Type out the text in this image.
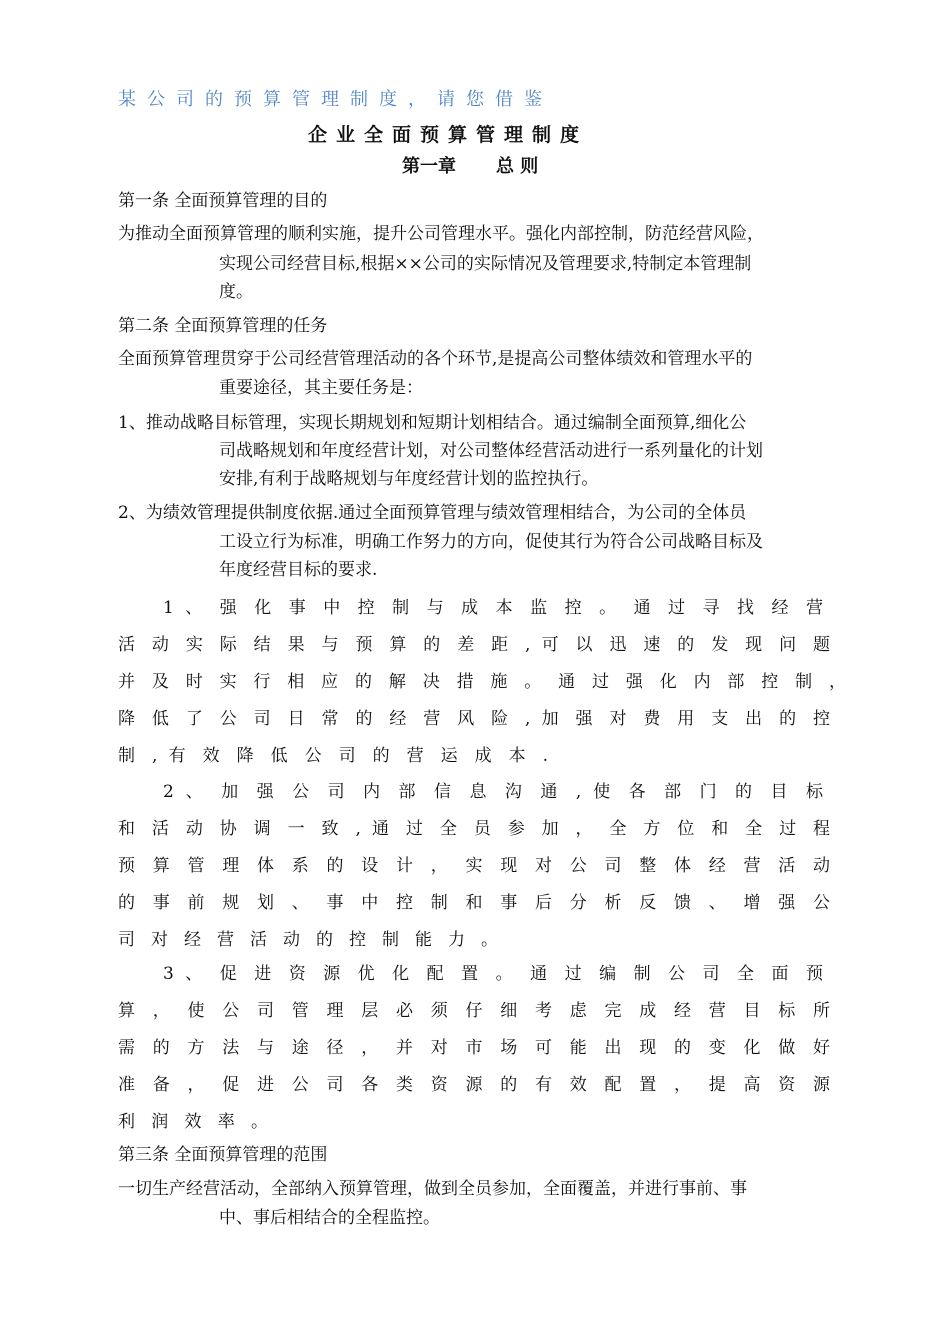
某公司的预算管理制度，请您借鉴
企业全面预算管理制度
第一章 总 则
第一条 全面预算管理的目的
为推动全面预算管理的顺利实施，提升公司管理水平。强化内部控制，防范经营风险，
实现公司经营目标,根据××公司的实际情况及管理要求,特制定本管理制
度。
第二条 全面预算管理的任务
全面预算管理贯穿于公司经营管理活动的各个环节,是提高公司整体绩效和管理水平的
重要途径，其主要任务是：
1、推动战略目标管理，实现长期规划和短期计划相结合。通过编制全面预算,细化公
司战略规划和年度经营计划，对公司整体经营活动进行一系列量化的计划
安排,有利于战略规划与年度经营计划的监控执行。
2、为绩效管理提供制度依据.通过全面预算管理与绩效管理相结合，为公司的全体员
工设立行为标准，明确工作努力的方向，促使其行为符合公司战略目标及
年度经营目标的要求.
1 、 强 化 事 中 控 制 与 成 本 监 控 。 通 过 寻 找 经 营
活 动 实 际 结 果 与 预 算 的 差 距 , 可 以 迅 速 的 发 现 问 题
并 及 时 实 行 相 应 的 解 决 措 施 。 通 过 强 化 内 部 控 制 ，
降 低 了 公 司 日 常 的 经 营 风 险 , 加 强 对 费 用 支 出 的 控
制 , 有 效 降 低 公 司 的 营 运 成 本 .
2 、 加 强 公 司 内 部 信 息 沟 通 , 使 各 部 门 的 目 标
和 活 动 协 调 一 致 , 通 过 全 员 参 加 ， 全 方 位 和 全 过 程
预 算 管 理 体 系 的 设 计 ， 实 现 对 公 司 整 体 经 营 活 动
的 事 前 规 划 、 事 中 控 制 和 事 后 分 析 反 馈 、 增 强 公
司 对 经 营 活 动 的 控 制 能 力 。
3 、 促 进 资 源 优 化 配 置 。 通 过 编 制 公 司 全 面 预
算 ， 使 公 司 管 理 层 必 须 仔 细 考 虑 完 成 经 营 目 标 所
需 的 方 法 与 途 径 ， 并 对 市 场 可 能 出 现 的 变 化 做 好
准 备 ， 促 进 公 司 各 类 资 源 的 有 效 配 置 ， 提 高 资 源
利 润 效 率 。
第三条 全面预算管理的范围
一切生产经营活动，全部纳入预算管理，做到全员参加，全面覆盖，并进行事前、事
中、事后相结合的全程监控。
